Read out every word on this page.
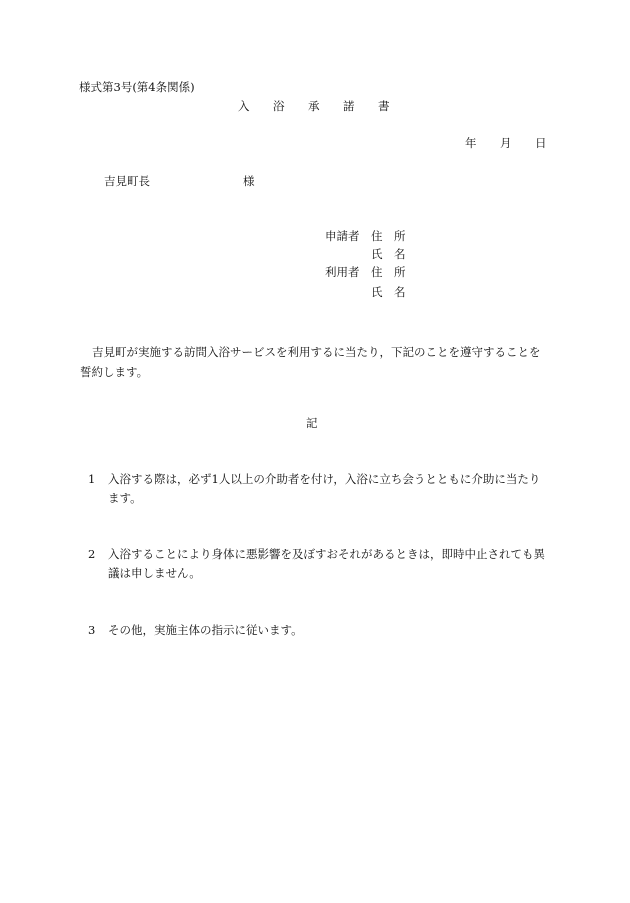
様式第3号(第4条関係)
入	浴	承	諾	書
年	月	日
吉見町長	様
申請者 住　所
氏　名
利用者 住　所
氏　名
吉見町が実施する訪問入浴サービスを利用するに当たり，下記のことを遵守することを誓約します。
記
1	入浴する際は，必ず1人以上の介助者を付け，入浴に立ち会うとともに介助に当たります。
2	入浴することにより身体に悪影響を及ぼすおそれがあるときは，即時中止されても異議は申しません。
3	その他，実施主体の指示に従います。
